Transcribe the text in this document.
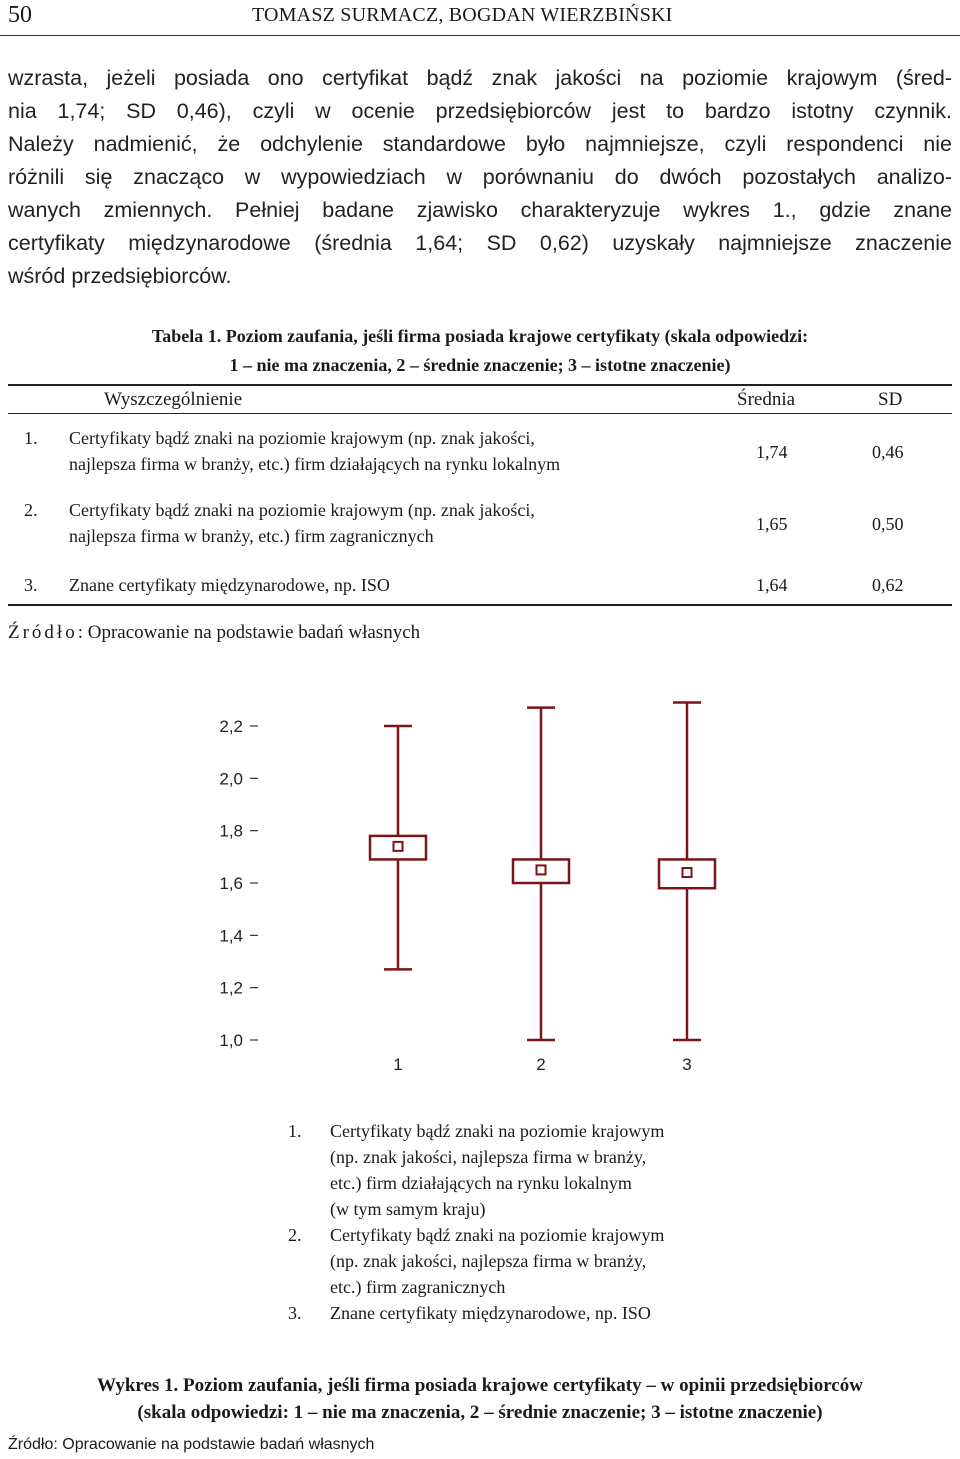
50	TOMASZ SURMACZ, BOGDAN WIERZBIŃSKI
wzrasta, jeżeli posiada ono certyfikat bądź znak jakości na poziomie krajowym (śred-
nia 1,74; SD 0,46), czyli w ocenie przedsiębiorców jest to bardzo istotny czynnik.
Należy nadmienić, że odchylenie standardowe było najmniejsze, czyli respondenci nie
różnili się znacząco w wypowiedziach w porównaniu do dwóch pozostałych analizo-
wanych zmiennych. Pełniej badane zjawisko charakteryzuje wykres 1., gdzie znane
certyfikaty międzynarodowe (średnia 1,64; SD 0,62) uzyskały najmniejsze znaczenie
wśród przedsiębiorców.
Tabela 1. Poziom zaufania, jeśli firma posiada krajowe certyfikaty (skala odpowiedzi:
1 – nie ma znaczenia, 2 – średnie znaczenie; 3 – istotne znaczenie)
Wyszczególnienie	Średnia	SD
1. Certyfikaty bądź znaki na poziomie krajowym (np. znak jakości,
najlepsza firma w branży, etc.) firm działających na rynku lokalnym
1,74	0,46
2. Certyfikaty bądź znaki na poziomie krajowym (np. znak jakości,
najlepsza firma w branży, etc.) firm zagranicznych
1,65	0,50
3. Znane certyfikaty międzynarodowe, np. ISO	1,64	0,62
Źródło: Opracowanie na podstawie badań własnych
1,0
1,2
1,4
1,6
1,8
2,0
2,2
1	2	3
1.	Certyfikaty bądź znaki na poziomie krajowym
(np. znak jakości, najlepsza firma w branży,
etc.) firm działających na rynku lokalnym
(w tym samym kraju)
2.	Certyfikaty bądź znaki na poziomie krajowym
(np. znak jakości, najlepsza firma w branży,
etc.) firm zagranicznych
3.	Znane certyfikaty międzynarodowe, np. ISO
Wykres 1. Poziom zaufania, jeśli firma posiada krajowe certyfikaty – w opinii przedsiębiorców
(skala odpowiedzi: 1 – nie ma znaczenia, 2 – średnie znaczenie; 3 – istotne znaczenie)
Źródło: Opracowanie na podstawie badań własnych
